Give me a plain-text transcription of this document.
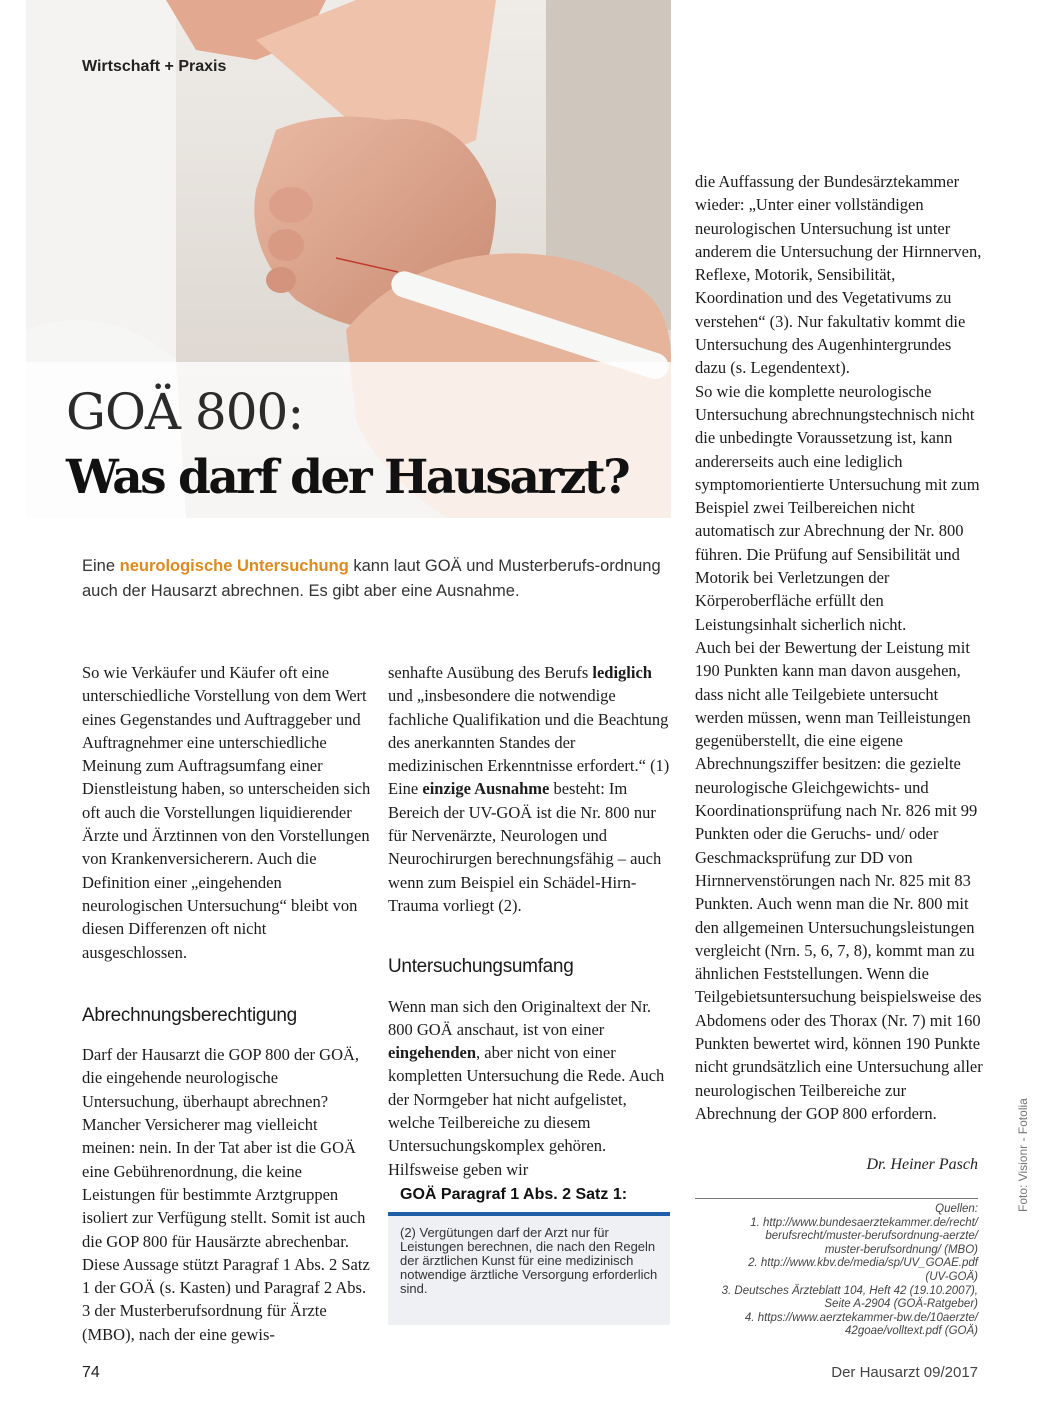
Wirtschaft + Praxis
GOÄ 800:
Was darf der Hausarzt?
Eine neurologische Untersuchung kann laut GOÄ und Musterberufs-ordnung auch der Hausarzt abrechnen. Es gibt aber eine Ausnahme.

So wie Verkäufer und Käufer oft eine unterschiedliche Vorstellung von dem Wert eines Gegenstandes und Auftraggeber und Auftragnehmer eine unterschiedliche Meinung zum Auftragsumfang einer Dienstleistung haben, so unterscheiden sich oft auch die Vorstellungen liquidierender Ärzte und Ärztinnen von den Vorstellungen von Krankenversicherern. Auch die Definition einer „eingehenden neurologischen Untersuchung“ bleibt von diesen Differenzen oft nicht ausgeschlossen.

Abrechnungsberechtigung

Darf der Hausarzt die GOP 800 der GOÄ, die eingehende neurologische Untersuchung, überhaupt abrechnen? Mancher Versicherer mag vielleicht meinen: nein. In der Tat aber ist die GOÄ eine Gebührenordnung, die keine Leistungen für bestimmte Arztgruppen isoliert zur Verfügung stellt. Somit ist auch die GOP 800 für Hausärzte abrechenbar. Diese Aussage stützt Paragraf 1 Abs. 2 Satz 1 der GOÄ (s. Kasten) und Paragraf 2 Abs. 3 der Musterberufsordnung für Ärzte (MBO), nach der eine gewis-

senhafte Ausübung des Berufs lediglich und „insbesondere die notwendige fachliche Qualifikation und die Beachtung des anerkannten Standes der medizinischen Erkenntnisse erfordert.“ (1) Eine einzige Ausnahme besteht: Im Bereich der UV-GOÄ ist die Nr. 800 nur für Nervenärzte, Neurologen und Neurochirurgen berechnungsfähig – auch wenn zum Beispiel ein Schädel-Hirn-Trauma vorliegt (2).

Untersuchungsumfang

Wenn man sich den Originaltext der Nr. 800 GOÄ anschaut, ist von einer eingehenden, aber nicht von einer kompletten Untersuchung die Rede. Auch der Normgeber hat nicht aufgelistet, welche Teilbereiche zu diesem Untersuchungskomplex gehören. Hilfsweise geben wir

GOÄ Paragraf 1 Abs. 2 Satz 1:
(2) Vergütungen darf der Arzt nur für Leistungen berechnen, die nach den Regeln der ärztlichen Kunst für eine medizinisch notwendige ärztliche Versorgung erforderlich sind.

die Auffassung der Bundesärztekammer wieder: „Unter einer vollständigen neurologischen Untersuchung ist unter anderem die Untersuchung der Hirnnerven, Reflexe, Motorik, Sensibilität, Koordination und des Vegetativums zu verstehen“ (3). Nur fakultativ kommt die Untersuchung des Augenhintergrundes dazu (s. Legendentext).

So wie die komplette neurologische Untersuchung abrechnungstechnisch nicht die unbedingte Voraussetzung ist, kann andererseits auch eine lediglich symptomorientierte Untersuchung mit zum Beispiel zwei Teilbereichen nicht automatisch zur Abrechnung der Nr. 800 führen. Die Prüfung auf Sensibilität und Motorik bei Verletzungen der Körperoberfläche erfüllt den Leistungsinhalt sicherlich nicht.

Auch bei der Bewertung der Leistung mit 190 Punkten kann man davon ausgehen, dass nicht alle Teilgebiete untersucht werden müssen, wenn man Teilleistungen gegenüberstellt, die eine eigene Abrechnungsziffer besitzen: die gezielte neurologische Gleichgewichts- und Koordinationsprüfung nach Nr. 826 mit 99 Punkten oder die Geruchs- und/ oder Geschmacksprüfung zur DD von Hirnnervenstörungen nach Nr. 825 mit 83 Punkten. Auch wenn man die Nr. 800 mit den allgemeinen Untersuchungsleistungen vergleicht (Nrn. 5, 6, 7, 8), kommt man zu ähnlichen Feststellungen. Wenn die Teilgebietsuntersuchung beispielsweise des Abdomens oder des Thorax (Nr. 7) mit 160 Punkten bewertet wird, können 190 Punkte nicht grundsätzlich eine Untersuchung aller neurologischen Teilbereiche zur Abrechnung der GOP 800 erfordern.

Dr. Heiner Pasch
Quellen:
1. http://www.bundesaerztekammer.de/recht/
berufsrecht/muster-berufsordnung-aerzte/
muster-berufsordnung/ (MBO)
2. http://www.kbv.de/media/sp/UV_GOAE.pdf
(UV-GOÄ)
3. Deutsches Ärzteblatt 104, Heft 42 (19.10.2007),
Seite A-2904 (GOÄ-Ratgeber)
4. https://www.aerztekammer-bw.de/10aerzte/
42goae/volltext.pdf (GOÄ)
Foto: Visionr - Fotolia
74	Der Hausarzt 09/2017
